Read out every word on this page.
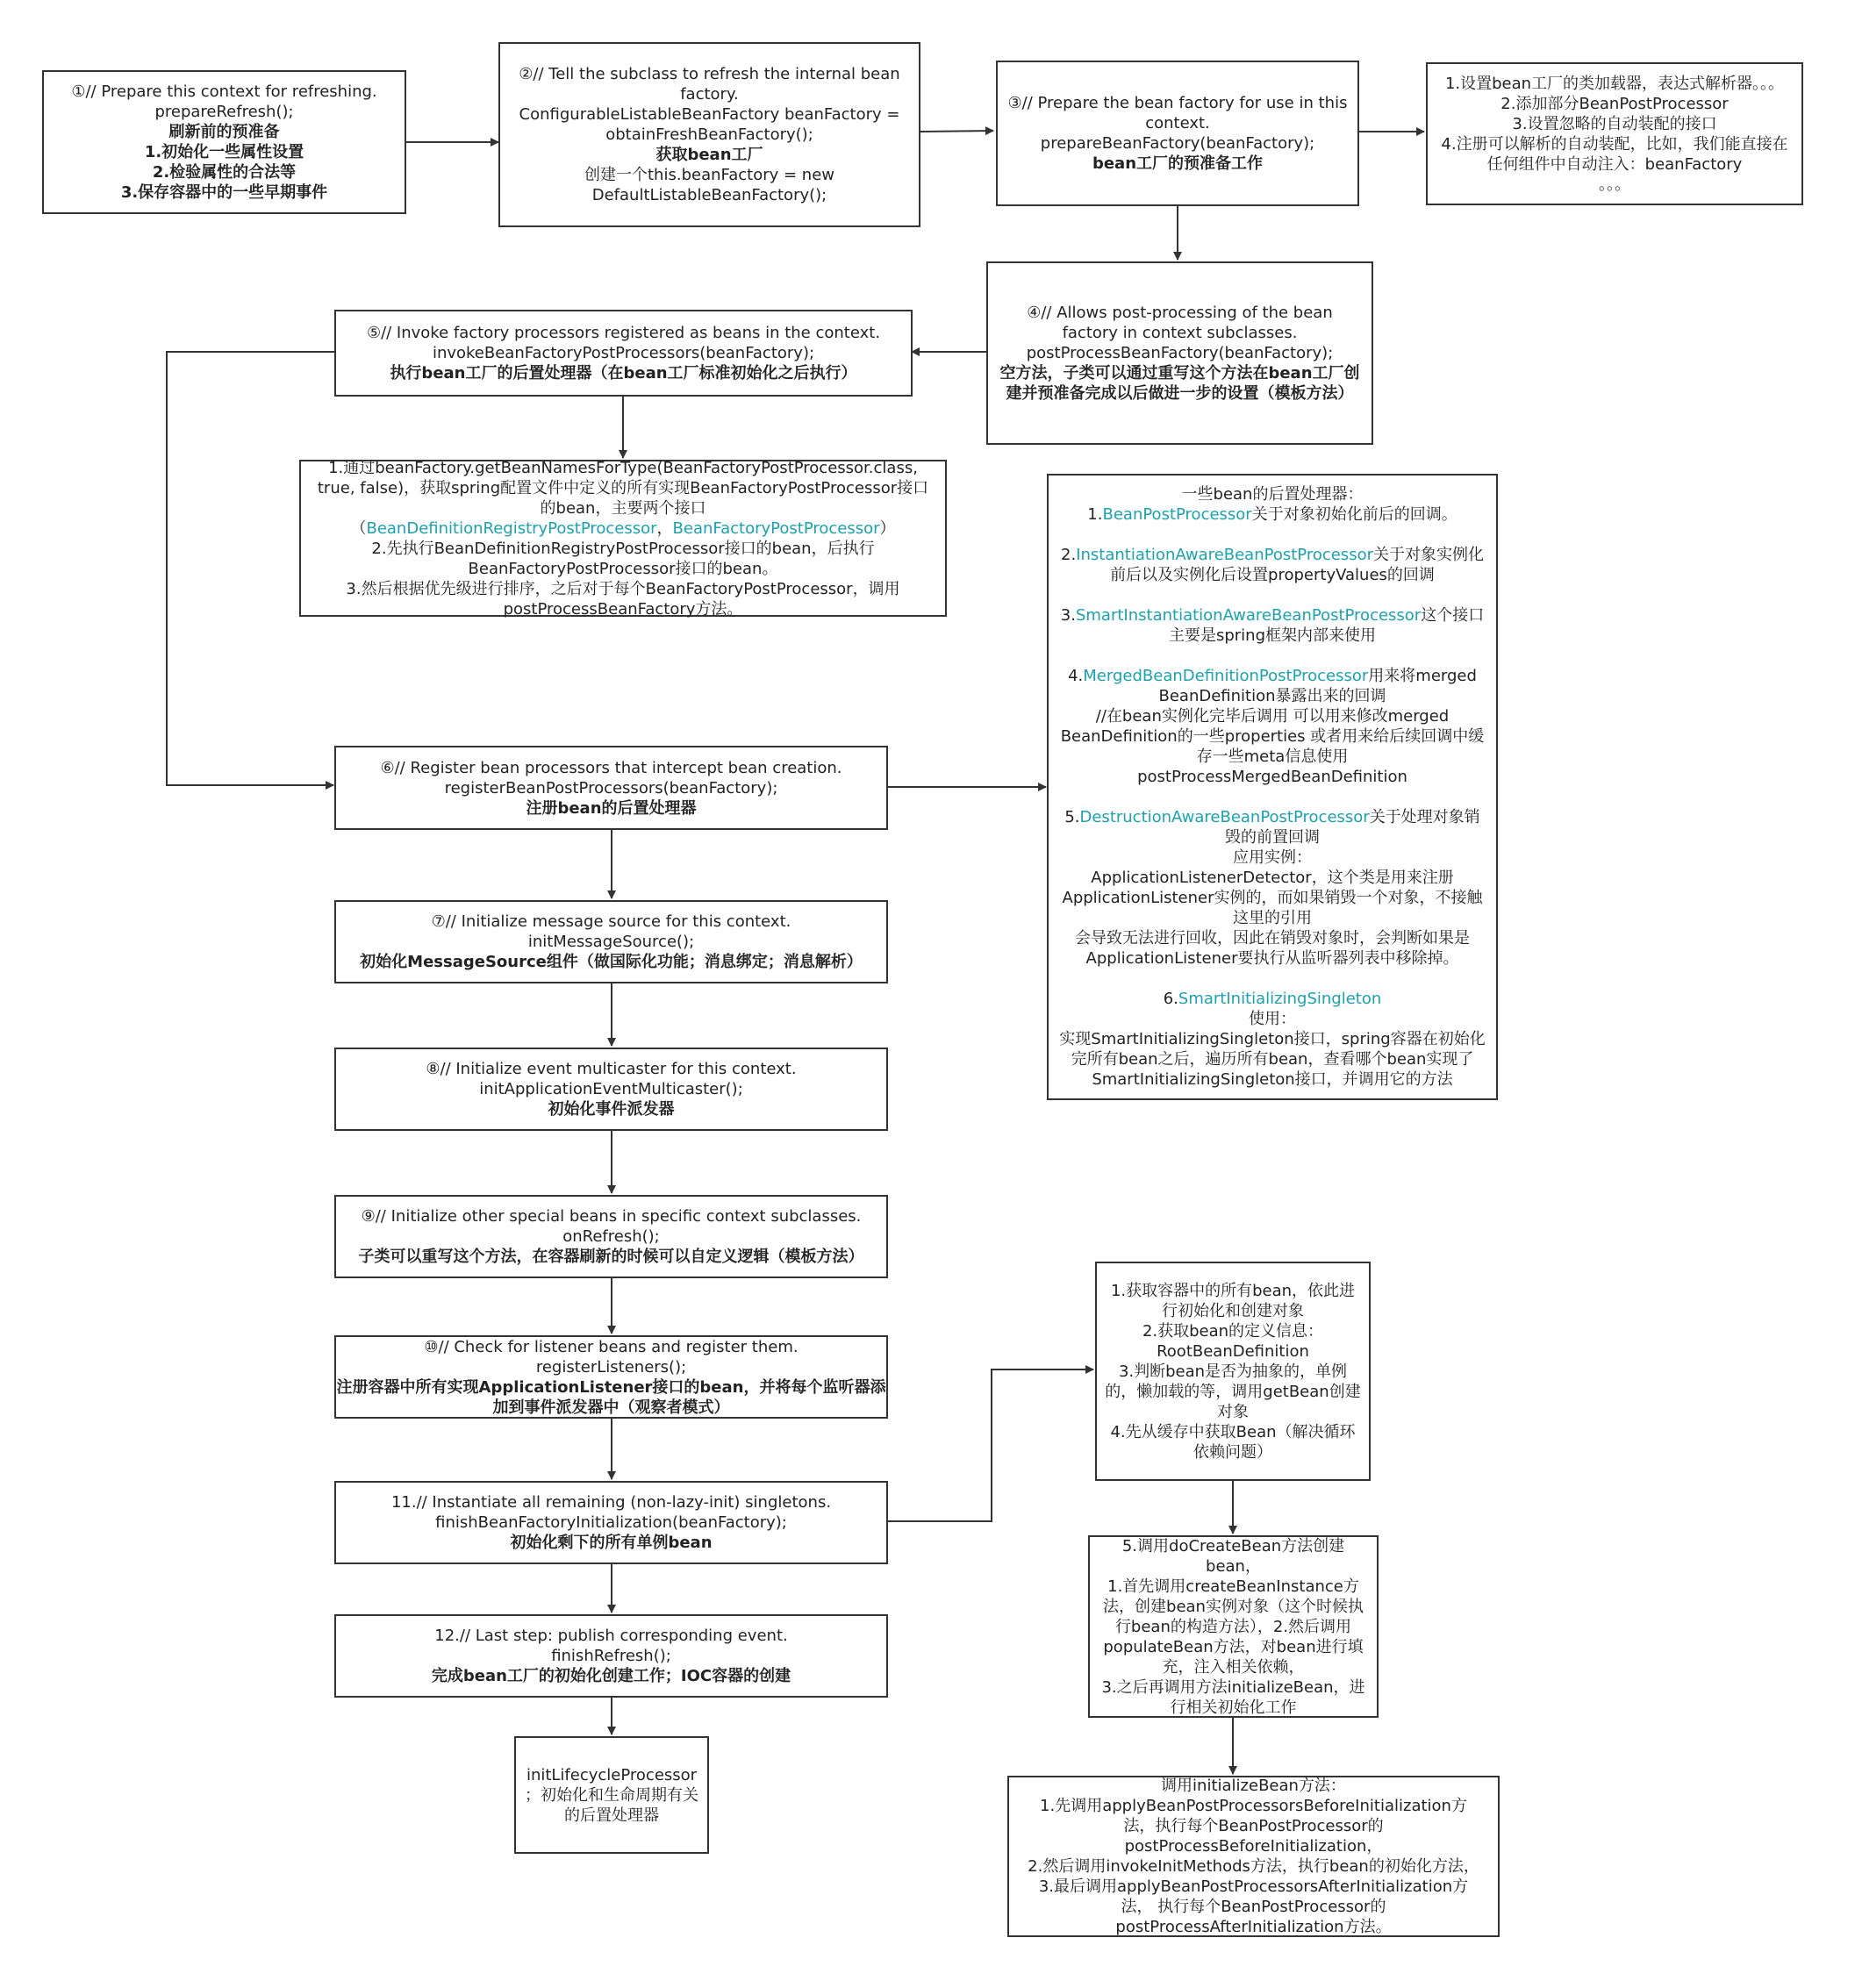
①// Prepare this context for refreshing.
prepareRefresh();
刷新前的预准备
1.初始化一些属性设置
2.检验属性的合法等
3.保存容器中的一些早期事件
②// Tell the subclass to refresh the internal bean
factory.
ConfigurableListableBeanFactory beanFactory =
obtainFreshBeanFactory();
获取bean工厂
创建一个this.beanFactory = new
DefaultListableBeanFactory();
③// Prepare the bean factory for use in this
context.
prepareBeanFactory(beanFactory);
bean工厂的预准备工作
1.设置bean工厂的类加载器，表达式解析器。。。
2.添加部分BeanPostProcessor
3.设置忽略的自动装配的接口
4.注册可以解析的自动装配，比如，我们能直接在
任何组件中自动注入：beanFactory
。。。
④// Allows post-processing of the bean
factory in context subclasses.
postProcessBeanFactory(beanFactory);
空方法，子类可以通过重写这个方法在bean工厂创
建并预准备完成以后做进一步的设置（模板方法）
⑤// Invoke factory processors registered as beans in the context.
invokeBeanFactoryPostProcessors(beanFactory);
执行bean工厂的后置处理器（在bean工厂标准初始化之后执行）
1.通过beanFactory.getBeanNamesForType(BeanFactoryPostProcessor.class,
true, false)，获取spring配置文件中定义的所有实现BeanFactoryPostProcessor接口
的bean，主要两个接口
（BeanDefinitionRegistryPostProcessor，BeanFactoryPostProcessor）
2.先执行BeanDefinitionRegistryPostProcessor接口的bean，后执行
BeanFactoryPostProcessor接口的bean。
3.然后根据优先级进行排序，之后对于每个BeanFactoryPostProcessor，调用
postProcessBeanFactory方法。
⑥// Register bean processors that intercept bean creation.
registerBeanPostProcessors(beanFactory);
注册bean的后置处理器
一些bean的后置处理器：
1.BeanPostProcessor关于对象初始化前后的回调。
2.InstantiationAwareBeanPostProcessor关于对象实例化
前后以及实例化后设置propertyValues的回调
3.SmartInstantiationAwareBeanPostProcessor这个接口
主要是spring框架内部来使用
4.MergedBeanDefinitionPostProcessor用来将merged
BeanDefinition暴露出来的回调
//在bean实例化完毕后调用 可以用来修改merged
BeanDefinition的一些properties 或者用来给后续回调中缓
存一些meta信息使用
postProcessMergedBeanDefinition
5.DestructionAwareBeanPostProcessor关于处理对象销
毁的前置回调
应用实例：
ApplicationListenerDetector，这个类是用来注册
ApplicationListener实例的，而如果销毁一个对象，不接触
这里的引用
会导致无法进行回收，因此在销毁对象时，会判断如果是
ApplicationListener要执行从监听器列表中移除掉。
6.SmartInitializingSingleton
使用：
实现SmartInitializingSingleton接口，spring容器在初始化
完所有bean之后，遍历所有bean，查看哪个bean实现了
SmartInitializingSingleton接口，并调用它的方法
⑦// Initialize message source for this context.
initMessageSource();
初始化MessageSource组件（做国际化功能；消息绑定；消息解析）
⑧// Initialize event multicaster for this context.
initApplicationEventMulticaster();
初始化事件派发器
⑨// Initialize other special beans in specific context subclasses.
onRefresh();
子类可以重写这个方法，在容器刷新的时候可以自定义逻辑（模板方法）
⑩// Check for listener beans and register them.
registerListeners();
注册容器中所有实现ApplicationListener接口的bean，并将每个监听器添
加到事件派发器中（观察者模式）
11.// Instantiate all remaining (non-lazy-init) singletons.
finishBeanFactoryInitialization(beanFactory);
初始化剩下的所有单例bean
12.// Last step: publish corresponding event.
finishRefresh();
完成bean工厂的初始化创建工作；IOC容器的创建
initLifecycleProcessor
；初始化和生命周期有关
的后置处理器
1.获取容器中的所有bean，依此进
行初始化和创建对象
2.获取bean的定义信息：
RootBeanDefinition
3.判断bean是否为抽象的，单例
的，懒加载的等，调用getBean创建
对象
4.先从缓存中获取Bean（解决循环
依赖问题）
5.调用doCreateBean方法创建
bean，
1.首先调用createBeanInstance方
法，创建bean实例对象（这个时候执
行bean的构造方法），2.然后调用
populateBean方法，对bean进行填
充，注入相关依赖，
3.之后再调用方法initializeBean，进
行相关初始化工作
调用initializeBean方法：
1.先调用applyBeanPostProcessorsBeforeInitialization方
法，执行每个BeanPostProcessor的
postProcessBeforeInitialization，
2.然后调用invokeInitMethods方法，执行bean的初始化方法，
3.最后调用applyBeanPostProcessorsAfterInitialization方
法， 执行每个BeanPostProcessor的
postProcessAfterInitialization方法。
